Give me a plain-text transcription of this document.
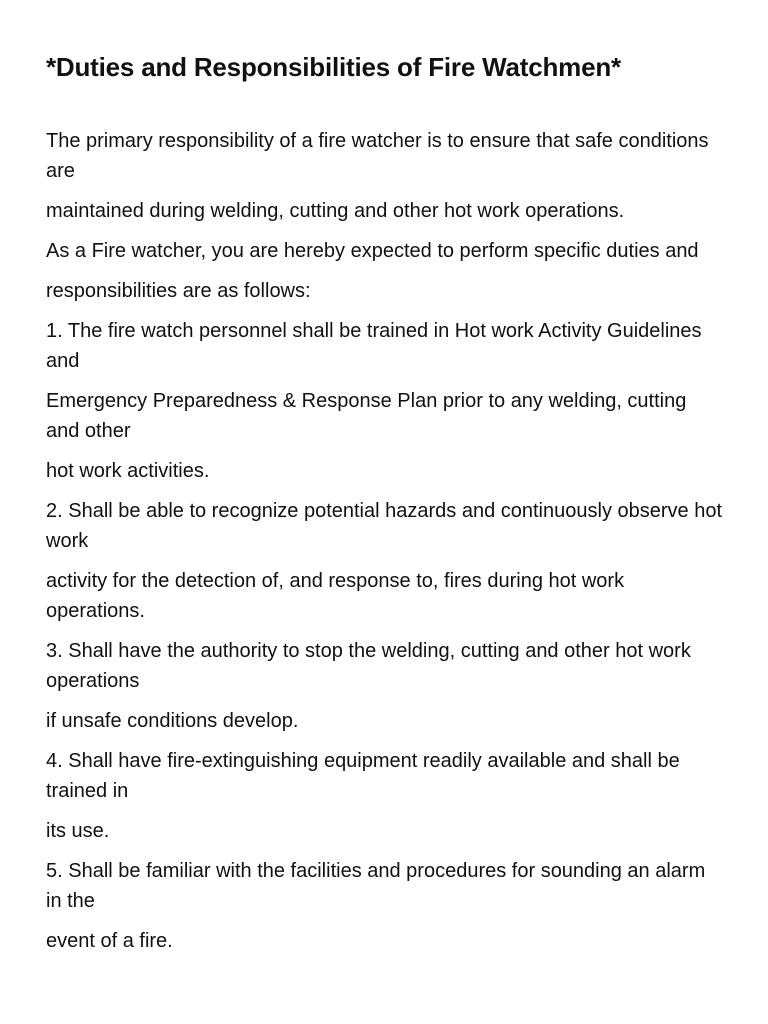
*Duties and Responsibilities of Fire Watchmen*

The primary responsibility of a fire watcher is to ensure that safe conditions are

maintained during welding, cutting and other hot work operations.

As a Fire watcher, you are hereby expected to perform specific duties and

responsibilities are as follows:

1. The fire watch personnel shall be trained in Hot work Activity Guidelines and

Emergency Preparedness & Response Plan prior to any welding, cutting and other

hot work activities.

2. Shall be able to recognize potential hazards and continuously observe hot work

activity for the detection of, and response to, fires during hot work operations.

3. Shall have the authority to stop the welding, cutting and other hot work operations

if unsafe conditions develop.

4. Shall have fire-extinguishing equipment readily available and shall be trained in

its use.

5. Shall be familiar with the facilities and procedures for sounding an alarm in the

event of a fire.
